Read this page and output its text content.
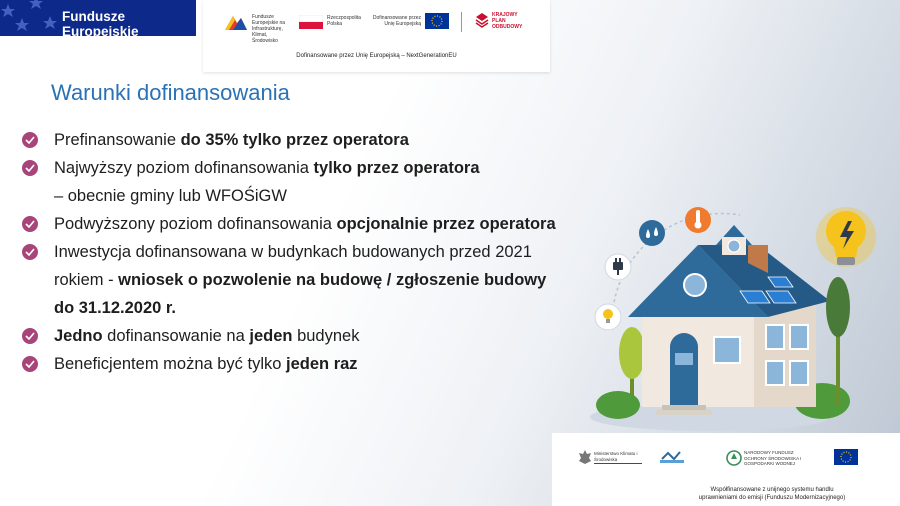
Fundusze Europejskie
Fundusze Europejskie na Infrastrukturę, Klimat, Środowisko
Rzeczpospolita Polska
Dofinansowane przez Unię Europejską
KRAJOWY PLAN ODBUDOWY
Dofinansowane przez Unię Europejską – NextGenerationEU
Warunki dofinansowania
Prefinansowanie do 35% tylko przez operatora
Najwyższy poziom dofinansowania tylko przez operatora
– obecnie gminy lub WFOŚiGW
Podwyższony poziom dofinansowania opcjonalnie przez operatora
Inwestycja dofinansowana w budynkach budowanych przed 2021
rokiem - wniosek o pozwolenie na budowę / zgłoszenie budowy
do 31.12.2020 r.
Jedno dofinansowanie na jeden budynek
Beneficjentem można być tylko jeden raz
Ministerstwo Klimatu i Środowiska
NARODOWY FUNDUSZ OCHRONY ŚRODOWISKA I GOSPODARKI WODNEJ
Współfinansowane z unijnego systemu handlu
uprawnieniami do emisji (Funduszu Modernizacyjnego)
